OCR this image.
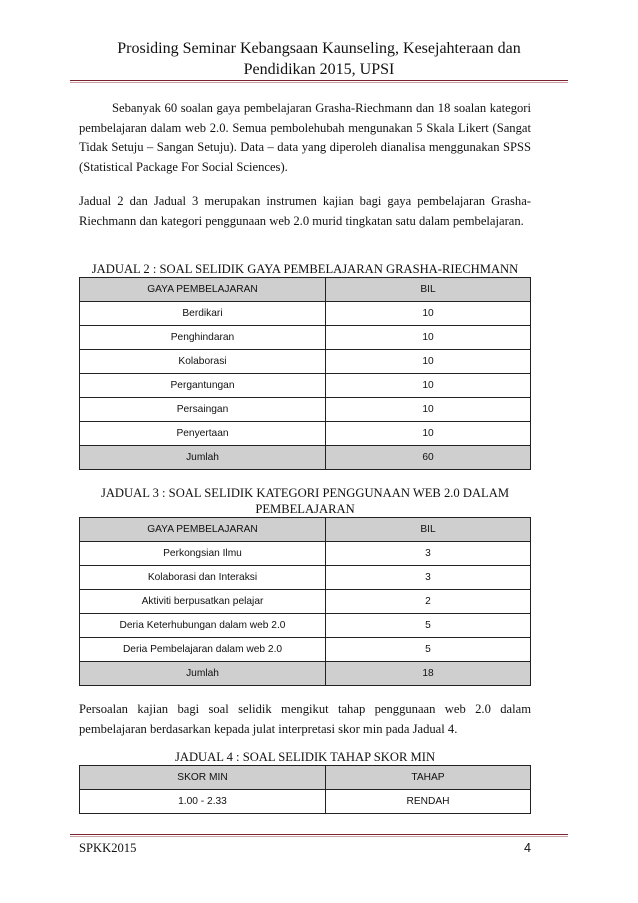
Prosiding Seminar Kebangsaan Kaunseling, Kesejahteraan dan
Pendidikan 2015, UPSI

Sebanyak 60 soalan gaya pembelajaran Grasha-Riechmann dan 18 soalan kategori pembelajaran dalam web 2.0. Semua pembolehubah mengunakan 5 Skala Likert (Sangat Tidak Setuju – Sangan Setuju). Data – data yang diperoleh dianalisa menggunakan SPSS (Statistical Package For Social Sciences).

Jadual 2 dan Jadual 3 merupakan instrumen kajian bagi gaya pembelajaran Grasha-Riechmann dan kategori penggunaan web 2.0 murid tingkatan satu dalam pembelajaran.

JADUAL 2 : SOAL SELIDIK GAYA PEMBELAJARAN GRASHA-RIECHMANN
GAYA PEMBELAJARAN	BIL
Berdikari	10
Penghindaran	10
Kolaborasi	10
Pergantungan	10
Persaingan	10
Penyertaan	10
Jumlah	60
JADUAL 3 : SOAL SELIDIK KATEGORI PENGGUNAAN WEB 2.0 DALAM
PEMBELAJARAN
GAYA PEMBELAJARAN	BIL
Perkongsian Ilmu	3
Kolaborasi dan Interaksi	3
Aktiviti berpusatkan pelajar	2
Deria Keterhubungan dalam web 2.0	5
Deria Pembelajaran dalam web 2.0	5
Jumlah	18

Persoalan kajian bagi soal selidik mengikut tahap penggunaan web 2.0 dalam pembelajaran berdasarkan kepada julat interpretasi skor min pada Jadual 4.

JADUAL 4 : SOAL SELIDIK TAHAP SKOR MIN
SKOR MIN	TAHAP
1.00 - 2.33	RENDAH
SPKK2015	4
